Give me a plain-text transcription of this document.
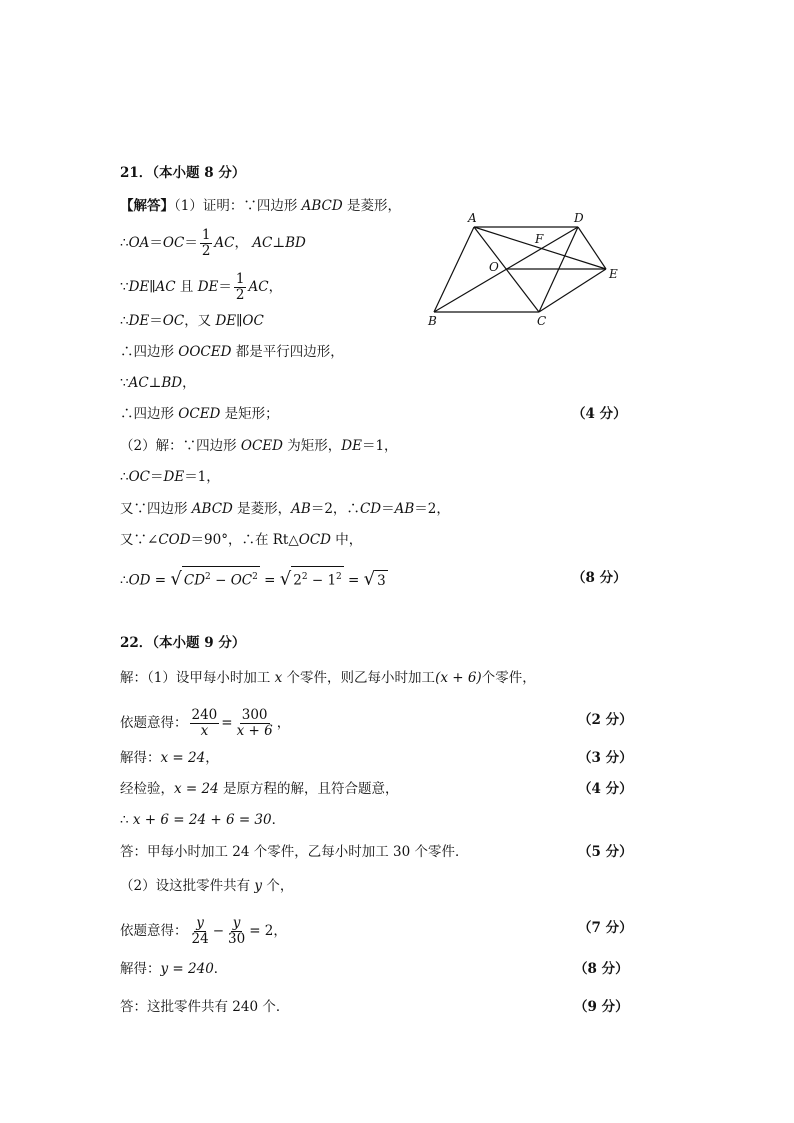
21．（本小题 8 分）
【解答】（1）证明：∵四边形 ABCD 是菱形，
∴OA＝OC＝ $\frac{1}{2}$ AC， AC⊥BD
∵DE∥AC 且 $DE= \frac{1}{2}$ AC，
∴DE＝OC，又 DE∥OC
∴四边形 OOCED 都是平行四边形，
∵AC⊥BD，
∴四边形 OCED 是矩形；	（4 分）
（2）解：∵四边形 OCED 为矩形，DE＝1，
∴OC＝DE＝1，
又∵四边形 ABCD 是菱形，AB＝2，∴CD＝AB＝2，
又∵∠COD＝90°，∴在 Rt△OCD 中，
∴OD = √ $CD^2 - OC^2$ = √ $2^2 - 1^2$ = √ 3	（8 分）
A	D
F
O	E
B	C
22．（本小题 9 分）
解：（1）设甲每小时加工 x 个零件，则乙每小时加工(x + 6)个零件，
依题意得： $\frac{240}{x} = \frac{300}{x + 6}$ ，	（2 分）
解得：x = 24，	（3 分）
经检验，x = 24 是原方程的解，且符合题意，	（4 分）
∴ x + 6 = 24 + 6 = 30．
答：甲每小时加工 24 个零件，乙每小时加工 30 个零件．	（5 分）
（2）设这批零件共有 y 个，
依题意得： $\frac{y}{24} - \frac{y}{30} = 2$，	（7 分）
解得：y = 240．	（8 分）
答：这批零件共有 240 个．	（9 分）
